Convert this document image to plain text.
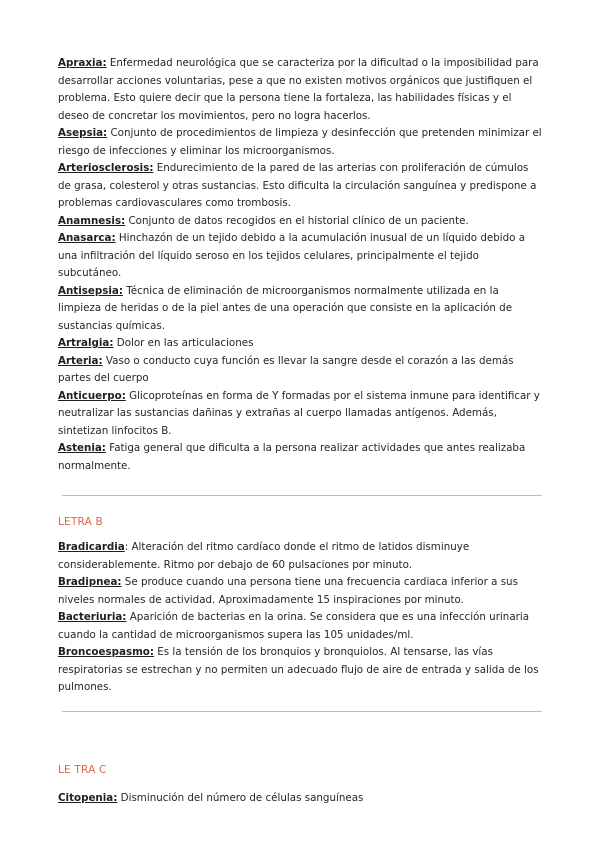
Apraxia: Enfermedad neurológica que se caracteriza por la dificultad o la imposibilidad para desarrollar acciones voluntarias, pese a que no existen motivos orgánicos que justifiquen el problema. Esto quiere decir que la persona tiene la fortaleza, las habilidades físicas y el deseo de concretar los movimientos, pero no logra hacerlos.

Asepsia: Conjunto de procedimientos de limpieza y desinfección que pretenden minimizar el riesgo de infecciones y eliminar los microorganismos.

Arteriosclerosis: Endurecimiento de la pared de las arterias con proliferación de cúmulos de grasa, colesterol y otras sustancias. Esto dificulta la circulación sanguínea y predispone a problemas cardiovasculares como trombosis.

Anamnesis: Conjunto de datos recogidos en el historial clínico de un paciente.

Anasarca: Hinchazón de un tejido debido a la acumulación inusual de un líquido debido a una infiltración del líquido seroso en los tejidos celulares, principalmente el tejido subcutáneo.

Antisepsia: Técnica de eliminación de microorganismos normalmente utilizada en la limpieza de heridas o de la piel antes de una operación que consiste en la aplicación de sustancias químicas.

Artralgia: Dolor en las articulaciones

Arteria: Vaso o conducto cuya función es llevar la sangre desde el corazón a las demás partes del cuerpo

Anticuerpo: Glicoproteínas en forma de Y formadas por el sistema inmune para identificar y neutralizar las sustancias dañinas y extrañas al cuerpo llamadas antígenos. Además, sintetizan linfocitos B.

Astenia: Fatiga general que dificulta a la persona realizar actividades que antes realizaba normalmente.

LETRA B

Bradicardia: Alteración del ritmo cardíaco donde el ritmo de latidos disminuye considerablemente. Ritmo por debajo de 60 pulsaciones por minuto.

Bradipnea: Se produce cuando una persona tiene una frecuencia cardiaca inferior a sus niveles normales de actividad. Aproximadamente 15 inspiraciones por minuto.

Bacteriuria: Aparición de bacterias en la orina. Se considera que es una infección urinaria cuando la cantidad de microorganismos supera las 105 unidades/ml.

Broncoespasmo: Es la tensión de los bronquios y bronquiolos. Al tensarse, las vías respiratorias se estrechan y no permiten un adecuado flujo de aire de entrada y salida de los pulmones.

LE TRA C

Citopenia: Disminución del número de células sanguíneas
